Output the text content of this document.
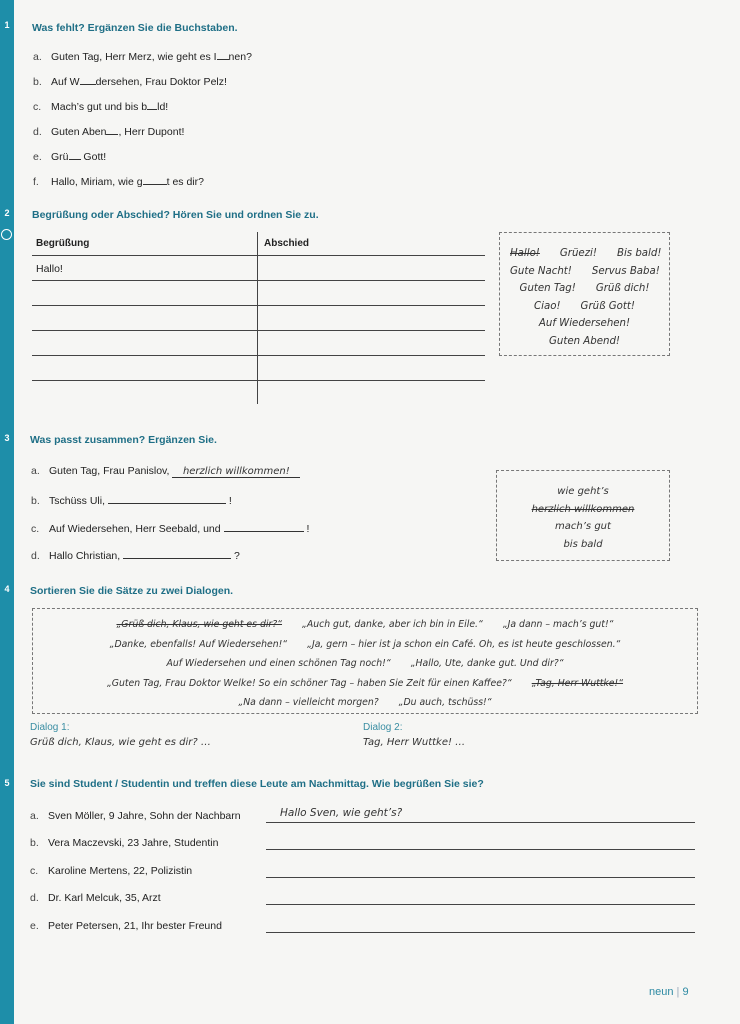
1
2
3
4
5
Was fehlt? Ergänzen Sie die Buchstaben.
a. Guten Tag, Herr Merz, wie geht es I nen?
b. Auf W dersehen, Frau Doktor Pelz!
c. Mach’s gut und bis b ld!
d. Guten Aben , Herr Dupont!
e. Grü Gott!
f. Hallo, Miriam, wie g t es dir?
Begrüßung oder Abschied? Hören Sie und ordnen Sie zu.
Begrüßung	Abschied
Hallo!
Hallo! Grüezi! Bis bald!
Gute Nacht! Servus Baba!
Guten Tag! Grüß dich!
Ciao! Grüß Gott!
Auf Wiedersehen!
Guten Abend!
Was passt zusammen? Ergänzen Sie.
a. Guten Tag, Frau Panislov, herzlich willkommen!
b. Tschüss Uli,	!
c. Auf Wiedersehen, Herr Seebald, und	!
d. Hallo Christian,	?
wie geht’s
herzlich willkommen
mach’s gut
bis bald
Sortieren Sie die Sätze zu zwei Dialogen.
„Grüß dich, Klaus, wie geht es dir?“ „Auch gut, danke, aber ich bin in Eile.“ „Ja dann – mach’s gut!“
„Danke, ebenfalls! Auf Wiedersehen!“ „Ja, gern – hier ist ja schon ein Café. Oh, es ist heute geschlossen.“
Auf Wiedersehen und einen schönen Tag noch!“ „Hallo, Ute, danke gut. Und dir?“
„Guten Tag, Frau Doktor Welke! So ein schöner Tag – haben Sie Zeit für einen Kaffee?“ „Tag, Herr Wuttke!“
„Na dann – vielleicht morgen? „Du auch, tschüss!“
Dialog 1:
Grüß dich, Klaus, wie geht es dir? …
Dialog 2:
Tag, Herr Wuttke! …
Sie sind Student / Studentin und treffen diese Leute am Nachmittag. Wie begrüßen Sie sie?
a. Sven Möller, 9 Jahre, Sohn der Nachbarn
b. Vera Maczevski, 23 Jahre, Studentin
c. Karoline Mertens, 22, Polizistin
d. Dr. Karl Melcuk, 35, Arzt
e. Peter Petersen, 21, Ihr bester Freund
Hallo Sven, wie geht’s?
neun | 9
